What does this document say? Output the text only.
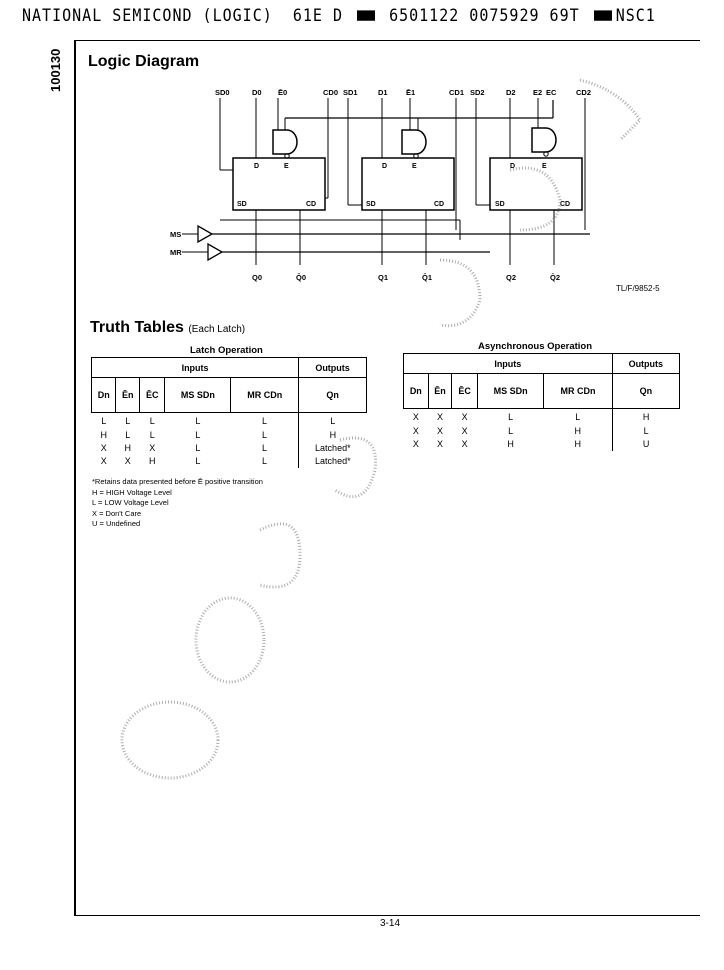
NATIONAL SEMICOND (LOGIC) 61E D	6501122 0075929 69T NSC1
100130 Logic Diagram
SD0	D0 Ē0	CD0 SD1	D1 Ē1	CD1 SD2	D2 E2 EC	CD2
D	E
SD	CD
D	E
SD	CD
D	E
SD	CD
MS
MR
Q0	Q̄0	Q1	Q̄1	Q2	Q̄2
TL/F/9852-5
Truth Tables (Each Latch)
Latch Operation
Inputs					Outputs
Dn	Ēn	ĒC	MS SDn	MR CDn	Qn
L	L	L	L	L	L
H	L	L	L	L	H
X	H	X	L	L	Latched*
X	X	H	L	L	Latched*
Asynchronous Operation
Inputs					Outputs
Dn	Ēn	ĒC	MS SDn	MR CDn	Qn
X	X	X	L	L	H
X	X	X	L	H	L
X	X	X	H	H	U
*Retains data presented before Ē positive transition
H = HIGH Voltage Level
L = LOW Voltage Level
X = Don't Care
U = Undefined
3-14
